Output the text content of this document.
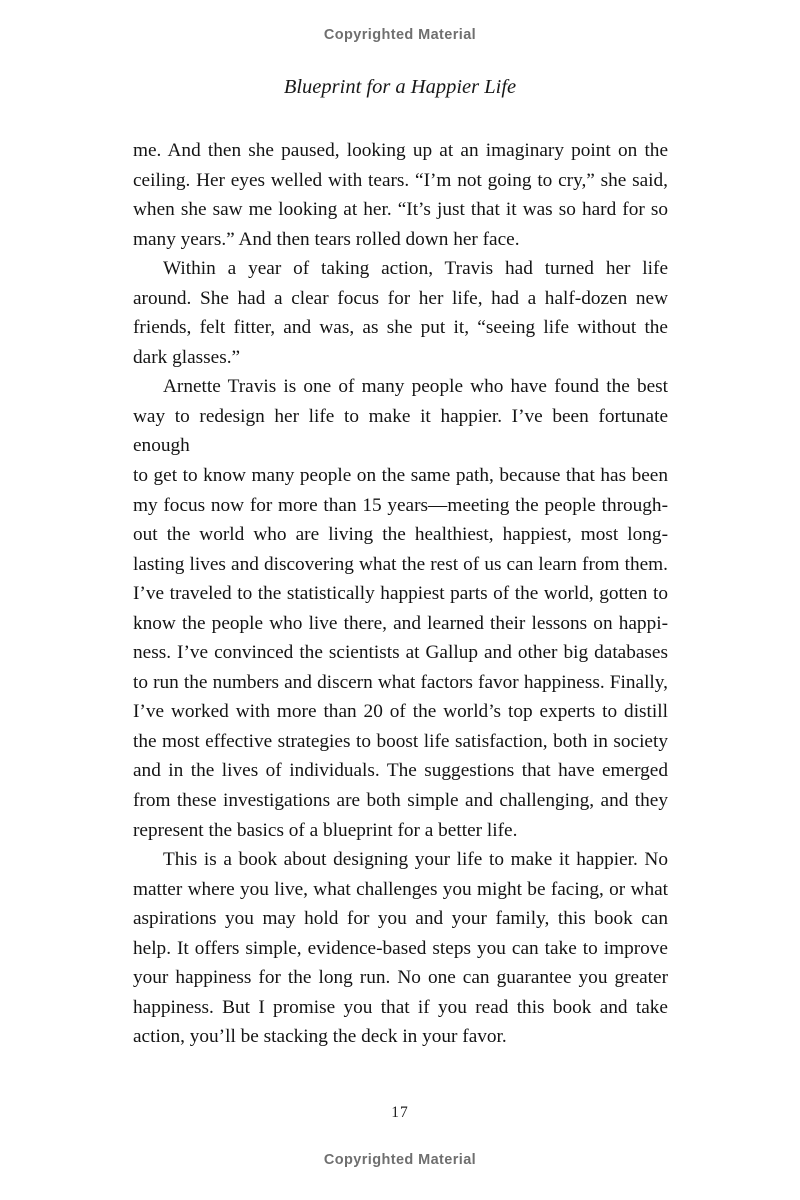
Copyrighted Material
Blueprint for a Happier Life
me. And then she paused, looking up at an imaginary point on the
ceiling. Her eyes welled with tears. “I’m not going to cry,” she said,
when she saw me looking at her. “It’s just that it was so hard for so
many years.” And then tears rolled down her face.
Within a year of taking action, Travis had turned her life
around. She had a clear focus for her life, had a half-dozen new
friends, felt fitter, and was, as she put it, “seeing life without the
dark glasses.”
Arnette Travis is one of many people who have found the best
way to redesign her life to make it happier. I’ve been fortunate enough
to get to know many people on the same path, because that has been
my focus now for more than 15 years—meeting the people through-
out the world who are living the healthiest, happiest, most long-
lasting lives and discovering what the rest of us can learn from them.
I’ve traveled to the statistically happiest parts of the world, gotten to
know the people who live there, and learned their lessons on happi-
ness. I’ve convinced the scientists at Gallup and other big databases
to run the numbers and discern what factors favor happiness. Finally,
I’ve worked with more than 20 of the world’s top experts to distill
the most effective strategies to boost life satisfaction, both in society
and in the lives of individuals. The suggestions that have emerged
from these investigations are both simple and challenging, and they
represent the basics of a blueprint for a better life.
This is a book about designing your life to make it happier. No
matter where you live, what challenges you might be facing, or what
aspirations you may hold for you and your family, this book can
help. It offers simple, evidence-based steps you can take to improve
your happiness for the long run. No one can guarantee you greater
happiness. But I promise you that if you read this book and take
action, you’ll be stacking the deck in your favor.
17
Copyrighted Material
